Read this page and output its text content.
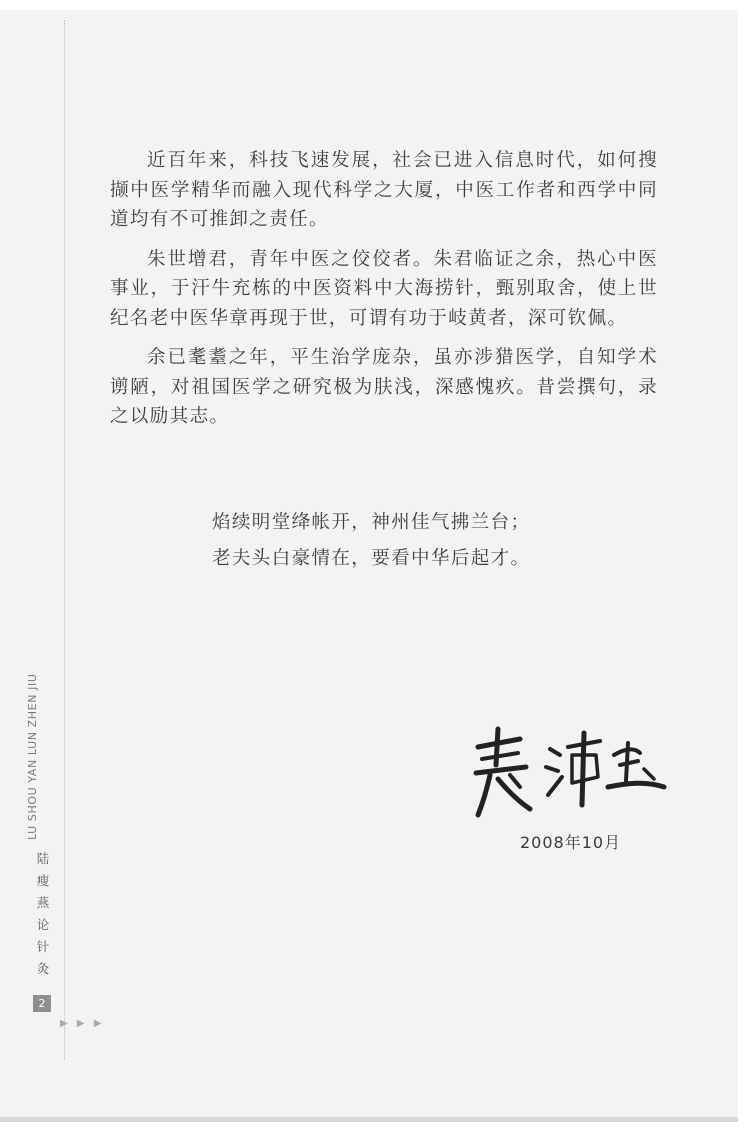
近百年来，科技飞速发展，社会已进入信息时代，如何搜撷中医学精华而融入现代科学之大厦，中医工作者和西学中同道均有不可推卸之责任。

朱世增君，青年中医之佼佼者。朱君临证之余，热心中医事业，于汗牛充栋的中医资料中大海捞针，甄别取舍，使上世纪名老中医华章再现于世，可谓有功于岐黄者，深可钦佩。

余已耄耋之年，平生治学庞杂，虽亦涉猎医学，自知学术谫陋，对祖国医学之研究极为肤浅，深感愧疚。昔尝撰句，录之以励其志。

焰续明堂绛帐开，神州佳气拂兰台；
老夫头白豪情在，要看中华后起才。
2008年10月
LU SHOU YAN LUN ZHEN JIU
陆
瘦
燕
论
针
灸
2
▶ ▶ ▶
